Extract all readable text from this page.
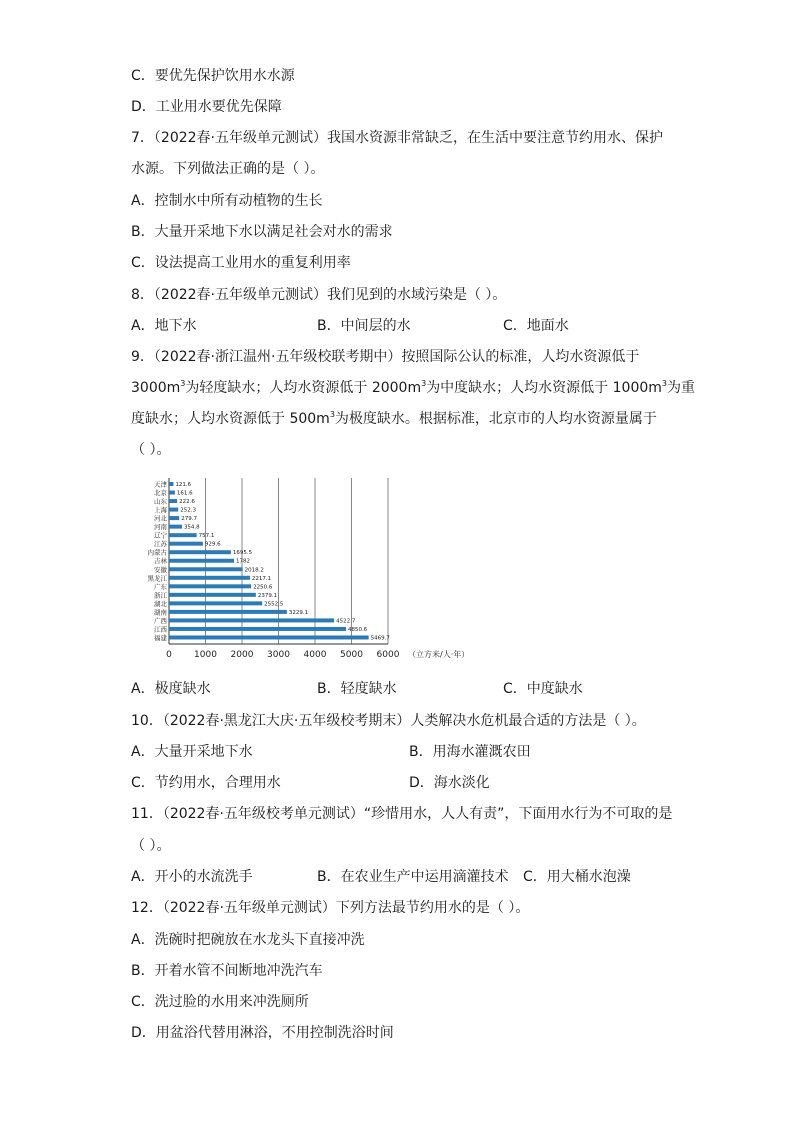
C．要优先保护饮用水水源
D．工业用水要优先保障
7．（2022春·五年级单元测试）我国水资源非常缺乏，在生活中要注意节约用水、保护
水源。下列做法正确的是（ ）。
A．控制水中所有动植物的生长
B．大量开采地下水以满足社会对水的需求
C．设法提高工业用水的重复利用率
8．（2022春·五年级单元测试）我们见到的水域污染是（ ）。
A．地下水	B．中间层的水	C．地面水
9．（2022春·浙江温州·五年级校联考期中）按照国际公认的标准，人均水资源低于
$3000m^3$为轻度缺水；人均水资源低于 $2000m^3$为中度缺水；人均水资源低于 $1000m^3$为重
度缺水；人均水资源低于 $500m^3$为极度缺水。根据标准，北京市的人均水资源量属于
（ ）。
天津 121.6
北京 161.6
山东 222.6
上海 252.3
河北	279.7
河南	354.8
辽宁	757.1
江苏	929.6
内蒙古	1695.5
吉林	1782
安徽	2018.2
黑龙江	2217.1
广东	2250.6
浙江	2379.1
湖北	2552.5
湖南	3229.1
广西	4522.7
江西	4850.6
福建	5469.7
0 1000 2000 3000 4000 5000 6000 （立方米/人·年）
A．极度缺水	B．轻度缺水	C．中度缺水
10．（2022春·黑龙江大庆·五年级校考期末）人类解决水危机最合适的方法是（ ）。
A．大量开采地下水	B．用海水灌溉农田
C．节约用水，合理用水	D．海水淡化
11．（2022春·五年级校考单元测试）“珍惜用水，人人有责”，下面用水行为不可取的是
（ ）。
A．开小的水流洗手	B．在农业生产中运用滴灌技术 C．用大桶水泡澡
12．（2022春·五年级单元测试）下列方法最节约用水的是（ ）。
A．洗碗时把碗放在水龙头下直接冲洗
B．开着水管不间断地冲洗汽车
C．洗过脸的水用来冲洗厕所
D．用盆浴代替用淋浴，不用控制洗浴时间
